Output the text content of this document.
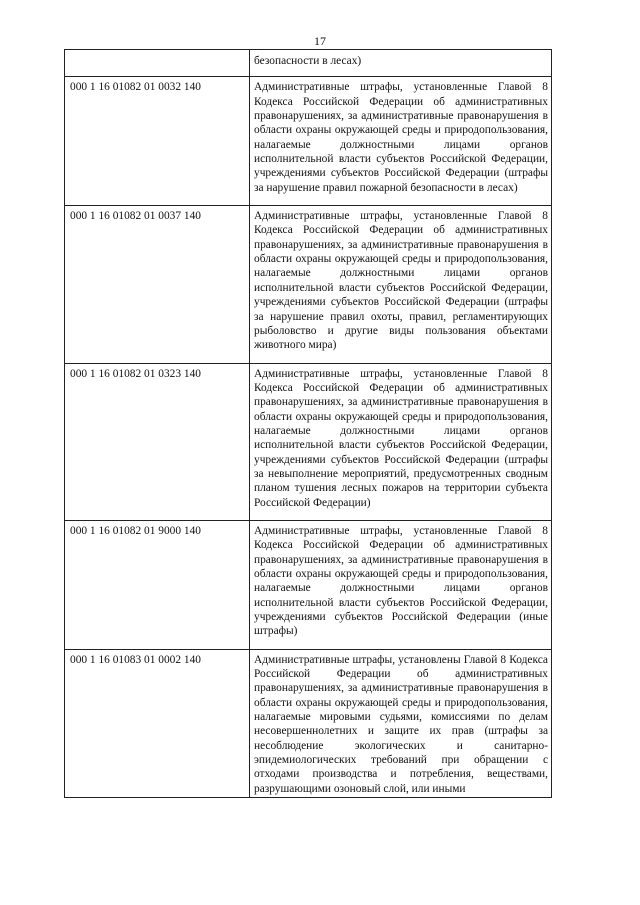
17
	безопасности в лесах)
000 1 16 01082 01 0032 140	Административные штрафы, установленные Главой 8 Кодекса Российской Федерации об административных правонарушениях, за административные правонарушения в области охраны окружающей среды и природопользования, налагаемые должностными лицами органов исполнительной власти субъектов Российской Федерации, учреждениями субъектов Российской Федерации (штрафы за нарушение правил пожарной безопасности в лесах)
000 1 16 01082 01 0037 140	Административные штрафы, установленные Главой 8 Кодекса Российской Федерации об административных правонарушениях, за административные правонарушения в области охраны окружающей среды и природопользования, налагаемые должностными лицами органов исполнительной власти субъектов Российской Федерации, учреждениями субъектов Российской Федерации (штрафы за нарушение правил охоты, правил, регламентирующих рыболовство и другие виды пользования объектами животного мира)
000 1 16 01082 01 0323 140	Административные штрафы, установленные Главой 8 Кодекса Российской Федерации об административных правонарушениях, за административные правонарушения в области охраны окружающей среды и природопользования, налагаемые должностными лицами органов исполнительной власти субъектов Российской Федерации, учреждениями субъектов Российской Федерации (штрафы за невыполнение мероприятий, предусмотренных сводным планом тушения лесных пожаров на территории субъекта Российской Федерации)
000 1 16 01082 01 9000 140	Административные штрафы, установленные Главой 8 Кодекса Российской Федерации об административных правонарушениях, за административные правонарушения в области охраны окружающей среды и природопользования, налагаемые должностными лицами органов исполнительной власти субъектов Российской Федерации, учреждениями субъектов Российской Федерации (иные штрафы)
000 1 16 01083 01 0002 140	Административные штрафы, установлены Главой 8 Кодекса Российской Федерации об административных правонарушениях, за административные правонарушения в области охраны окружающей среды и природопользования, налагаемые мировыми судьями, комиссиями по делам несовершеннолетних и защите их прав (штрафы за несоблюдение экологических и санитарно-эпидемиологических требований при обращении с отходами производства и потребления, веществами, разрушающими озоновый слой, или иными
